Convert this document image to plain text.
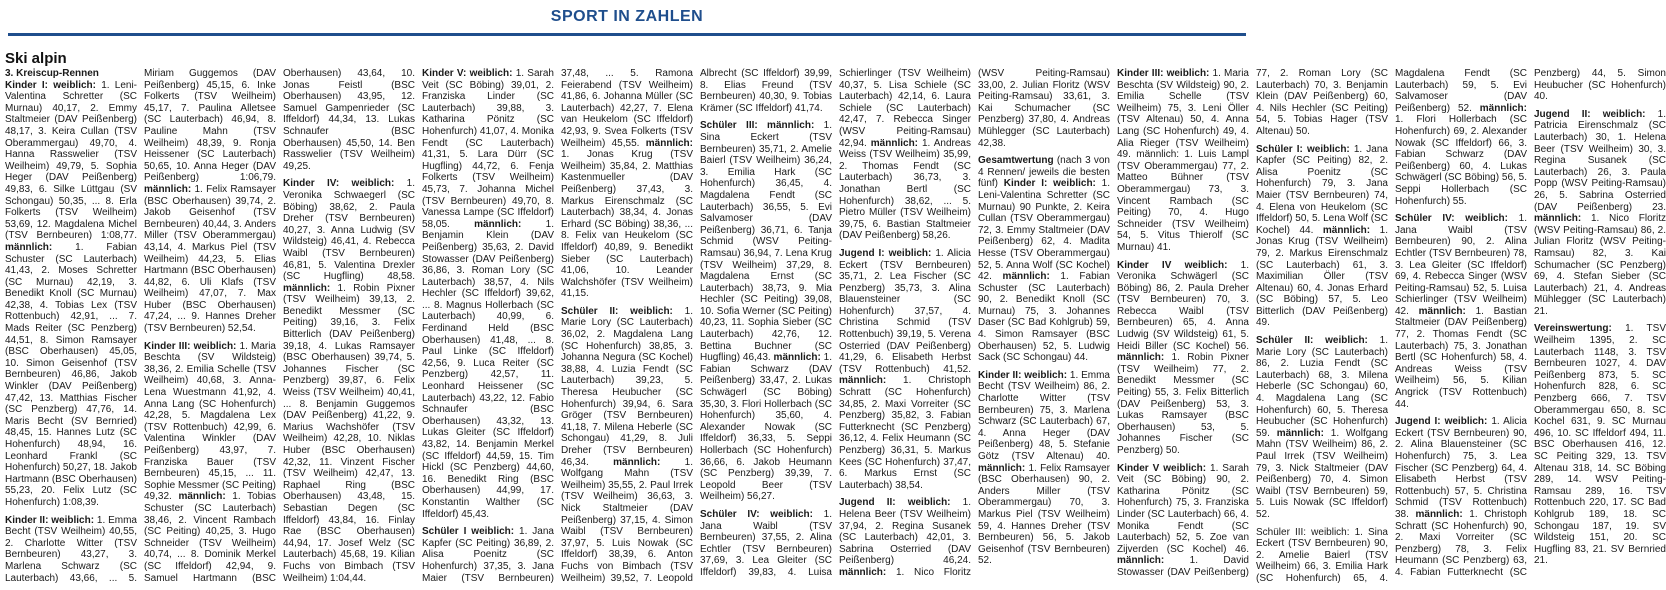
SPORT IN ZAHLEN
Ski alpin

3. Kreiscup-Rennen
Kinder I: weiblich: 1. Leni-Valentina Schretter (SC Murnau) 40,17, 2. Emmy Staltmeier (DAV Peißenberg) 48,17, 3. Keira Cullan (TSV Oberammergau) 49,70, 4. Hanna Rasswelier (TSV Weilheim) 49,79, 5. Sophia Heger (DAV Peißenberg) 49,83, 6. Silke Lüttgau (SV Schongau) 50,35, ... 8. Erla Folkerts (TSV Weilheim) 53,69, 12. Magdalena Michel (TSV Bernbeuren) 1:08,77. männlich: 1. Fabian Schuster (SC Lauterbach) 41,43, 2. Moses Schretter (SC Murnau) 42,19, 3. Benedikt Knoll (SC Murnau) 42,38, 4. Tobias Lex (TSV Rottenbuch) 42,91, ... 7. Mads Reiter (SC Penzberg) 44,51, 8. Simon Ramsayer (BSC Oberhausen) 45,05, 10. Simon Geisenhof (TSV Bernbeuren) 46,86, Jakob Winkler (DAV Peißenberg) 47,42, 13. Matthias Fischer (SC Penzberg) 47,76, 14. Maris Becht (SV Bernried) 48,45, 15. Hannes Lutz (SC Hohenfurch) 48,94, 16. Leonhard Frankl (SC Hohenfurch) 50,27, 18. Jakob Hartmann (BSC Oberhausen) 55,23, 20. Felix Lutz (SC Hohenfurch) 1:08,39.

Kinder II: weiblich: 1. Emma Becht (TSV Weilheim) 40,55, 2. Charlotte Witter (TSV Bernbeuren) 43,27, 3. Marlena Schwarz (SC Lauterbach) 43,66, ... 5. Miriam Guggemos (DAV Peißenberg) 45,15, 6. Inke Folkerts (TSV Weilheim) 45,17, 7. Paulina Alletsee (SC Lauterbach) 46,94, 8. Pauline Mahn (TSV Weilheim) 48,39, 9. Ronja Heissener (SC Lauterbach) 50,65, 10. Anna Heger (DAV Peißenberg) 1:06,79. männlich: 1. Felix Ramsayer (BSC Oberhausen) 39,74, 2. Jakob Geisenhof (TSV Bernbeuren) 40,44, 3. Anders Miller (TSV Oberammergau) 43,14, 4. Markus Piel (TSV Weilheim) 44,23, 5. Elias Hartmann (BSC Oberhausen) 44,82, 6. Uli Klafs (TSV Weilheim) 47,07, 7. Max Huber (BSC Oberhausen) 47,24, ... 9. Hannes Dreher (TSV Bernbeuren) 52,54.

Kinder III: weiblich: 1. Maria Beschta (SV Wildsteig) 38,36, 2. Emilia Schelle (TSV Weilheim) 40,68, 3. Anna-Lena Wuestmann 41,92, 4. Anna Lang (SC Hohenfurch) 42,28, 5. Magdalena Lex (TSV Rottenbuch) 42,99, 6. Valentina Winkler (DAV Peißenberg) 43,97, 7. Franziska Bauer (TSV Bernbeuren) 45,15, ... 11. Sophie Messmer (SC Peiting) 49,32. männlich: 1. Tobias Schuster (SC Lauterbach) 38,46, 2. Vincent Rambach (SC Peiting) 40,25, 3. Hugo Schneider (TSV Weilheim) 40,74, ... 8. Dominik Merkel (SC Iffeldorf) 42,94, 9. Samuel Hartmann (BSC Oberhausen) 43,64, 10. Jonas Feistl (BSC Oberhausen) 43,95, 12. Samuel Gampenrieder (SC Iffeldorf) 44,34, 13. Lukas Schnaufer (BSC Oberhausen) 45,50, 14. Ben Rasswelier (TSV Weilheim) 49,25.

Kinder IV: weiblich: 1. Veronika Schwaegerl (SC Böbing) 38,62, 2. Paula Dreher (TSV Bernbeuren) 40,27, 3. Anna Ludwig (SV Wildsteig) 46,41, 4. Rebecca Waibl (TSV Bernbeuren) 46,81, 5. Valentina Drexler (SC Hugfling) 48,58. männlich: 1. Robin Pixner (TSV Weilheim) 39,13, 2. Benedikt Messmer (SC Peiting) 39,16, 3. Felix Bitterlich (DAV Peißenberg) 39,18, 4. Lukas Ramsayer (BSC Oberhausen) 39,74, 5. Johannes Fischer (SC Penzberg) 39,87, 6. Felix Weiss (TSV Weilheim) 40,41, ... 8. Benjamin Guggemos (DAV Peißenberg) 41,22, 9. Marius Wachshöfer (TSV Weilheim) 42,28, 10. Niklas Huber (BSC Oberhausen) 42,32, 11. Vinzent Fischer (TSV Weilheim) 42,47, 13. Raphael Ring (BSC Oberhausen) 43,48, 15. Sebastian Degen (SC Iffeldorf) 43,84, 16. Finlay Rae (BSC Oberhausen) 44,94, 17. Josef Welz (SC Lauterbach) 45,68, 19. Kilian Fuchs von Bimbach (TSV Weilheim) 1:04,44.

Kinder V: weiblich: 1. Sarah Veit (SC Böbing) 39,01, 2. Franziska Linder (SC Lauterbach) 39,88, 3. Katharina Pönitz (SC Hohenfurch) 41,07, 4. Monika Fendt (SC Lauterbach) 41,31, 5. Lara Dürr (SC Hugfling) 44,72, 6. Fenja Folkerts (TSV Weilheim) 45,73, 7. Johanna Michel (TSV Bernbeuren) 49,70, 8. Vanessa Lampe (SC Iffeldorf) 58,05. männlich: 1. Benjamin Klein (DAV Peißenberg) 35,63, 2. David Stowasser (DAV Peißenberg) 36,86, 3. Roman Lory (SC Lauterbach) 38,57, 4. Nils Hechler (SC Iffeldorf) 39,62, ... 8. Magnus Hollerbach (SC Lauterbach) 40,99, 6. Ferdinand Held (BSC Oberhausen) 41,48, ... 8. Paul Linke (SC Iffeldorf) 42,56, 9. Luca Reiter (SC Penzberg) 42,57, 11. Leonhard Heissener (SC Lauterbach) 43,22, 12. Fabio Schnaufer (BSC Oberhausen) 43,32, 13. Lukas Gleiter (SC Iffeldorf) 43,82, 14. Benjamin Merkel (SC Iffeldorf) 44,59, 15. Tim Hickl (SC Penzberg) 44,60, 16. Benedikt Ring (BSC Oberhausen) 44,99, 17. Konstantin Walther (SC Iffeldorf) 45,43.

Schüler I weiblich: 1. Jana Kapfer (SC Peiting) 36,89, 2. Alisa Poenitz (SC Hohenfurch) 37,35, 3. Jana Maier (TSV Bernbeuren) 37,48, ... 5. Ramona Feierabend (TSV Weilheim) 41,86, 6. Johanna Müller (SC Lauterbach) 42,27, 7. Elena van Heukelom (SC Iffeldorf) 42,93, 9. Svea Folkerts (TSV Weilheim) 45,55. männlich: 1. Jonas Krug (TSV Weilheim) 35,84, 2. Matthias Kastenmueller (DAV Peißenberg) 37,43, 3. Markus Eirenschmalz (SC Lauterbach) 38,34, 4. Jonas Erhard (SC Böbing) 38,36, ... 8. Felix van Heukelom (SC Iffeldorf) 40,89, 9. Benedikt Sieber (SC Lauterbach) 41,06, 10. Leander Walchshöfer (TSV Weilheim) 41,15.

Schüler II: weiblich: 1. Marie Lory (SC Lauterbach) 36,02, 2. Magdalena Lang (SC Hohenfurch) 38,85, 3. Johanna Negura (SC Kochel) 38,88, 4. Luzia Fendt (SC Lauterbach) 39,23, 5. Theresa Heubucher (SC Hohenfurch) 39,94, 6. Sara Gröger (TSV Bernbeuren) 41,18, 7. Milena Heberle (SC Schongau) 41,29, 8. Juli Dreher (TSV Bernbeuren) 46,34. männlich: 1. Wolfgang Mahn (TSV Weilheim) 35,55, 2. Paul Irrek (TSV Weilheim) 36,63, 3. Nick Staltmeier (DAV Peißenberg) 37,15, 4. Simon Waibl (TSV Bernbeuren) 37,97, 5. Luis Nowak (SC Iffeldorf) 38,39, 6. Anton Fuchs von Bimbach (TSV Weilheim) 39,52, 7. Leopold Albrecht (SC Iffeldorf) 39,99, 8. Elias Freund (TSV Bernbeuren) 40,30, 9. Tobias Krämer (SC Iffeldorf) 41,74.

Schüler III: männlich: 1. Sina Eckert (TSV Bernbeuren) 35,71, 2. Amelie Baierl (TSV Weilheim) 36,24, 3. Emilia Hark (SC Hohenfurch) 36,45, 4. Magdalena Fendt (SC Lauterbach) 36,55, 5. Evi Salvamoser (DAV Peißenberg) 36,71, 6. Tanja Schmid (WSV Peiting-Ramsau) 36,94, 7. Lena Krug (TSV Weilheim) 37,29, 8. Magdalena Ernst (SC Lauterbach) 38,73, 9. Mia Hechler (SC Peiting) 39,08, 10. Sofia Werner (SC Peiting) 40,23, 11. Sophia Sieber (SC Lauterbach) 42,76, 12. Bettina Buchner (SC Hugfling) 46,43. männlich: 1. Fabian Schwarz (DAV Peißenberg) 33,47, 2. Lukas Schwägerl (SC Böbing) 35,30, 3. Flori Hollerbach (SC Hohenfurch) 35,60, 4. Alexander Nowak (SC Iffeldorf) 36,33, 5. Seppi Hollerbach (SC Hohenfurch) 36,66, 6. Jakob Heumann (SC Penzberg) 39,39, 7. Leopold Beer (TSV Weilheim) 56,27.

Schüler IV: weiblich: 1. Jana Waibl (TSV Bernbeuren) 37,55, 2. Alina Echtler (TSV Bernbeuren) 37,69, 3. Lea Gleiter (SC Iffeldorf) 39,83, 4. Luisa Schierlinger (TSV Weilheim) 40,37, 5. Lisa Schiele (SC Lauterbach) 42,14, 6. Laura Schiele (SC Lauterbach) 42,47, 7. Rebecca Singer (WSV Peiting-Ramsau) 42,94. männlich: 1. Andreas Weiss (TSV Weilheim) 35,99, 2. Thomas Fendt (SC Lauterbach) 36,73, 3. Jonathan Bertl (SC Hohenfurch) 38,62, ... 5. Pietro Müller (TSV Weilheim) 39,75, 6. Bastian Staltmeier (DAV Peißenberg) 58,26.

Jugend I: weiblich: 1. Alicia Eckert (TSV Bernbeuren) 35,71, 2. Lea Fischer (SC Penzberg) 35,73, 3. Alina Blauensteiner (SC Hohenfurch) 37,57, 4. Christina Schmid (TSV Rottenbuch) 39,19, 5. Verena Osterried (DAV Peißenberg) 41,29, 6. Elisabeth Herbst (TSV Rottenbuch) 41,52. männlich: 1. Christoph Schratt (SC Hohenfurch) 34,85, 2. Maxi Vorreiter (SC Penzberg) 35,82, 3. Fabian Futterknecht (SC Penzberg) 36,12, 4. Felix Heumann (SC Penzberg) 36,31, 5. Markus Kees (SC Hohenfurch) 37,47, 6. Markus Ernst (SC Lauterbach) 38,54.

Jugend II: weiblich: 1. Helena Beer (TSV Weilheim) 37,94, 2. Regina Susanek (SC Lauterbach) 42,01, 3. Sabrina Osterried (DAV Peißenberg) 46,24. männlich: 1. Nico Floritz (WSV Peiting-Ramsau) 33,00, 2. Julian Floritz (WSV Peiting-Ramsau) 33,61, 3. Kai Schumacher (SC Penzberg) 37,80, 4. Andreas Mühlegger (SC Lauterbach) 42,38.

Gesamtwertung (nach 3 von 4 Rennen/ jeweils die besten fünf) Kinder I: weiblich: 1. Leni-Valentina Schretter (SC Murnau) 90 Punkte, 2. Keira Cullan (TSV Oberammergau) 72, 3. Emmy Staltmeier (DAV Peißenberg) 62, 4. Madita Hesse (TSV Oberammergau) 52, 5. Anna Wolf (SC Kochel) 42. männlich: 1. Fabian Schuster (SC Lauterbach) 90, 2. Benedikt Knoll (SC Murnau) 75, 3. Johannes Daser (SC Bad Kohlgrub) 59, 4. Simon Ramsayer (BSC Oberhausen) 52, 5. Ludwig Sack (SC Schongau) 44.

Kinder II: weiblich: 1. Emma Becht (TSV Weilheim) 86, 2. Charlotte Witter (TSV Bernbeuren) 75, 3. Marlena Schwarz (SC Lauterbach) 67, 4. Anna Heger (DAV Peißenberg) 48, 5. Stefanie Götz (TSV Altenau) 40. männlich: 1. Felix Ramsayer (BSC Oberhausen) 90, 2. Anders Miller (TSV Oberammergau) 70, 3. Markus Piel (TSV Weilheim) 59, 4. Hannes Dreher (TSV Bernbeuren) 56, 5. Jakob Geisenhof (TSV Bernbeuren) 52.

Kinder III: weiblich: 1. Maria Beschta (SV Wildsteig) 90, 2. Emilia Schelle (TSV Weilheim) 75, 3. Leni Öller (TSV Altenau) 50, 4. Anna Lang (SC Hohenfurch) 49, 4. Alia Rieger (TSV Weilheim) 49. männlich: 1. Luis Lampl (TSV Oberammergau) 77, 2. Matteo Bühner (TSV Oberammergau) 73, 3. Vincent Rambach (SC Peiting) 70, 4. Hugo Schneider (TSV Weilheim) 54, 5. Vitus Thierolf (SC Murnau) 41.

Kinder IV weiblich: 1. Veronika Schwägerl (SC Böbing) 86, 2. Paula Dreher (TSV Bernbeuren) 70, 3. Rebecca Waibl (TSV Bernbeuren) 65, 4. Anna Ludwig (SV Wildsteig) 61, 5. Heidi Biller (SC Kochel) 56. männlich: 1. Robin Pixner (TSV Weilheim) 77, 2. Benedikt Messmer (SC Peiting) 55, 3. Felix Bitterlich (DAV Peißenberg) 53, 3. Lukas Ramsayer (BSC Oberhausen) 53, 5. Johannes Fischer (SC Penzberg) 50.

Kinder V weiblich: 1. Sarah Veit (SC Böbing) 90, 2. Katharina Pönitz (SC Hohenfurch) 75, 3. Franziska Linder (SC Lauterbach) 66, 4. Monika Fendt (SC Lauterbach) 52, 5. Zoe van Zijverden (SC Kochel) 46. männlich: 1. David Stowasser (DAV Peißenberg) 77, 2. Roman Lory (SC Lauterbach) 70, 3. Benjamin Klein (DAV Peißenberg) 60, 4. Nils Hechler (SC Peiting) 54, 5. Tobias Hager (TSV Altenau) 50.

Schüler I: weiblich: 1. Jana Kapfer (SC Peiting) 82, 2. Alisa Poenitz (SC Hohenfurch) 79, 3. Jana Maier (TSV Bernbeuren) 74, 4. Elena von Heukelom (SC Iffeldorf) 50, 5. Lena Wolf (SC Kochel) 44. männlich: 1. Jonas Krug (TSV Weilheim) 79, 2. Markus Eirenschmalz (SC Lauterbach) 61, 3. Maximilian Öller (TSV Altenau) 60, 4. Jonas Erhard (SC Böbing) 57, 5. Leo Bitterlich (DAV Peißenberg) 49.

Schüler II: weiblich: 1. Marie Lory (SC Lauterbach) 86, 2. Luzia Fendt (SC Lauterbach) 68, 3. Milena Heberle (SC Schongau) 60, 4. Magdalena Lang (SC Hohenfurch) 60, 5. Theresa Heubucher (SC Hohenfurch) 59. männlich: 1. Wolfgang Mahn (TSV Weilheim) 86, 2. Paul Irrek (TSV Weilheim) 79, 3. Nick Staltmeier (DAV Peißenberg) 70, 4. Simon Waibl (TSV Bernbeuren) 59, 5. Luis Nowak (SC Iffeldorf) 52.

Schüler III: weiblich: 1. Sina Eckert (TSV Bernbeuren) 90, 2. Amelie Baierl (TSV Weilheim) 66, 3. Emilia Hark (SC Hohenfurch) 65, 4. Magdalena Fendt (SC Lauterbach) 59, 5. Evi Salvamoser (DAV Peißenberg) 52. männlich: 1. Flori Hollerbach (SC Hohenfurch) 69, 2. Alexander Nowak (SC Iffeldorf) 66, 3. Fabian Schwarz (DAV Peißenberg) 60, 4. Lukas Schwägerl (SC Böbing) 56, 5. Seppi Hollerbach (SC Hohenfurch) 55.

Schüler IV: weiblich: 1. Jana Waibl (TSV Bernbeuren) 90, 2. Alina Echtler (TSV Bernbeuren) 78, 3. Lea Gleiter (SC Iffeldorf) 69, 4. Rebecca Singer (WSV Peiting-Ramsau) 52, 5. Luisa Schierlinger (TSV Weilheim) 42. männlich: 1. Bastian Staltmeier (DAV Peißenberg) 77, 2. Thomas Fendt (SC Lauterbach) 75, 3. Jonathan Bertl (SC Hohenfurch) 58, 4. Andreas Weiss (TSV Weilheim) 56, 5. Kilian Angrick (TSV Rottenbuch) 44.

Jugend I: weiblich: 1. Alicia Eckert (TSV Bernbeuren) 90, 2. Alina Blauensteiner (SC Hohenfurch) 75, 3. Lea Fischer (SC Penzberg) 64, 4. Elisabeth Herbst (TSV Rottenbuch) 57, 5. Christina Schmid (TSV Rottenbuch) 38. männlich: 1. Christoph Schratt (SC Hohenfurch) 90, 2. Maxi Vorreiter (SC Penzberg) 78, 3. Felix Heumann (SC Penzberg) 63, 4. Fabian Futterknecht (SC Penzberg) 44, 5. Simon Heubucher (SC Hohenfurch) 40.

Jugend II: weiblich: 1. Patricia Eirenschmalz (SC Lauterbach) 30, 1. Helena Beer (TSV Weilheim) 30, 3. Regina Susanek (SC Lauterbach) 26, 3. Paula Popp (WSV Peiting-Ramsau) 26, 5. Sabrina Osterried (DAV Peißenberg) 23. männlich: 1. Nico Floritz (WSV Peiting-Ramsau) 86, 2. Julian Floritz (WSV Peiting-Ramsau) 82, 3. Kai Schumacher (SC Penzberg) 69, 4. Stefan Sieber (SC Lauterbach) 21, 4. Andreas Mühlegger (SC Lauterbach) 21.

Vereinswertung: 1. TSV Weilheim 1395, 2. SC Lauterbach 1148, 3. TSV Bernbeuren 1027, 4. DAV Peißenberg 873, 5. SC Hohenfurch 828, 6. SC Penzberg 666, 7. TSV Oberammergau 650, 8. SC Kochel 631, 9. SC Murnau 496, 10. SC Iffeldorf 494, 11. BSC Oberhausen 416, 12. SC Peiting 329, 13. TSV Altenau 318, 14. SC Böbing 289, 14. WSV Peiting-Ramsau 289, 16. TSV Rottenbuch 220, 17. SC Bad Kohlgrub 189, 18. SC Schongau 187, 19. SV Wildsteig 151, 20. SC Hugfling 83, 21. SV Bernried 21.
